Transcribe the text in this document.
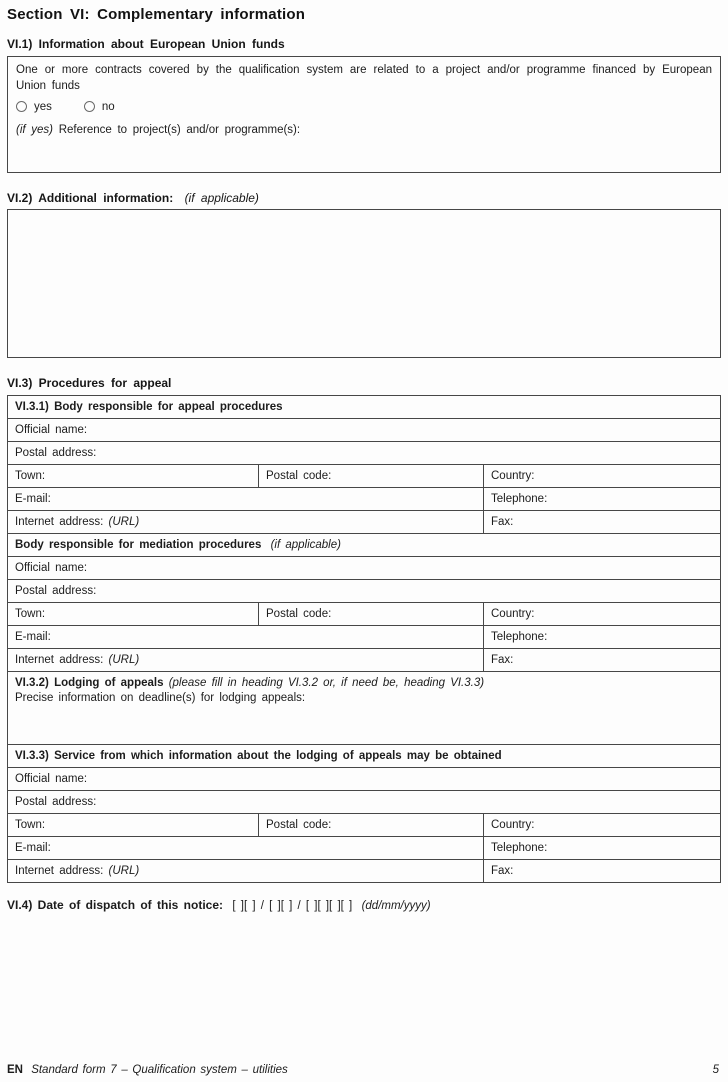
Section VI: Complementary information
VI.1) Information about European Union funds

One or more contracts covered by the qualification system are related to a project and/or programme financed by European Union funds

yes	no

(if yes) Reference to project(s) and/or programme(s):

VI.2) Additional information: (if applicable)
VI.3) Procedures for appeal
VI.3.1) Body responsible for appeal procedures		
Official name:		
Postal address:		
Town:	Postal code:	Country:
E-mail:		Telephone:
Internet address: (URL)		Fax:
Body responsible for mediation procedures (if applicable)		
Official name:		
Postal address:		
Town:	Postal code:	Country:
E-mail:		Telephone:
Internet address: (URL)		Fax:

VI.3.2) Lodging of appeals (please fill in heading VI.3.2 or, if need be, heading VI.3.3)
Precise information on deadline(s) for lodging appeals:		

VI.3.3) Service from which information about the lodging of appeals may be obtained		
Official name:		
Postal address:		
Town:	Postal code:	Country:
E-mail:		Telephone:
Internet address: (URL)		Fax:
VI.4) Date of dispatch of this notice: [ ][ ] / [ ][ ] / [ ][ ][ ][ ] (dd/mm/yyyy)
EN Standard form 7 – Qualification system – utilities	5
